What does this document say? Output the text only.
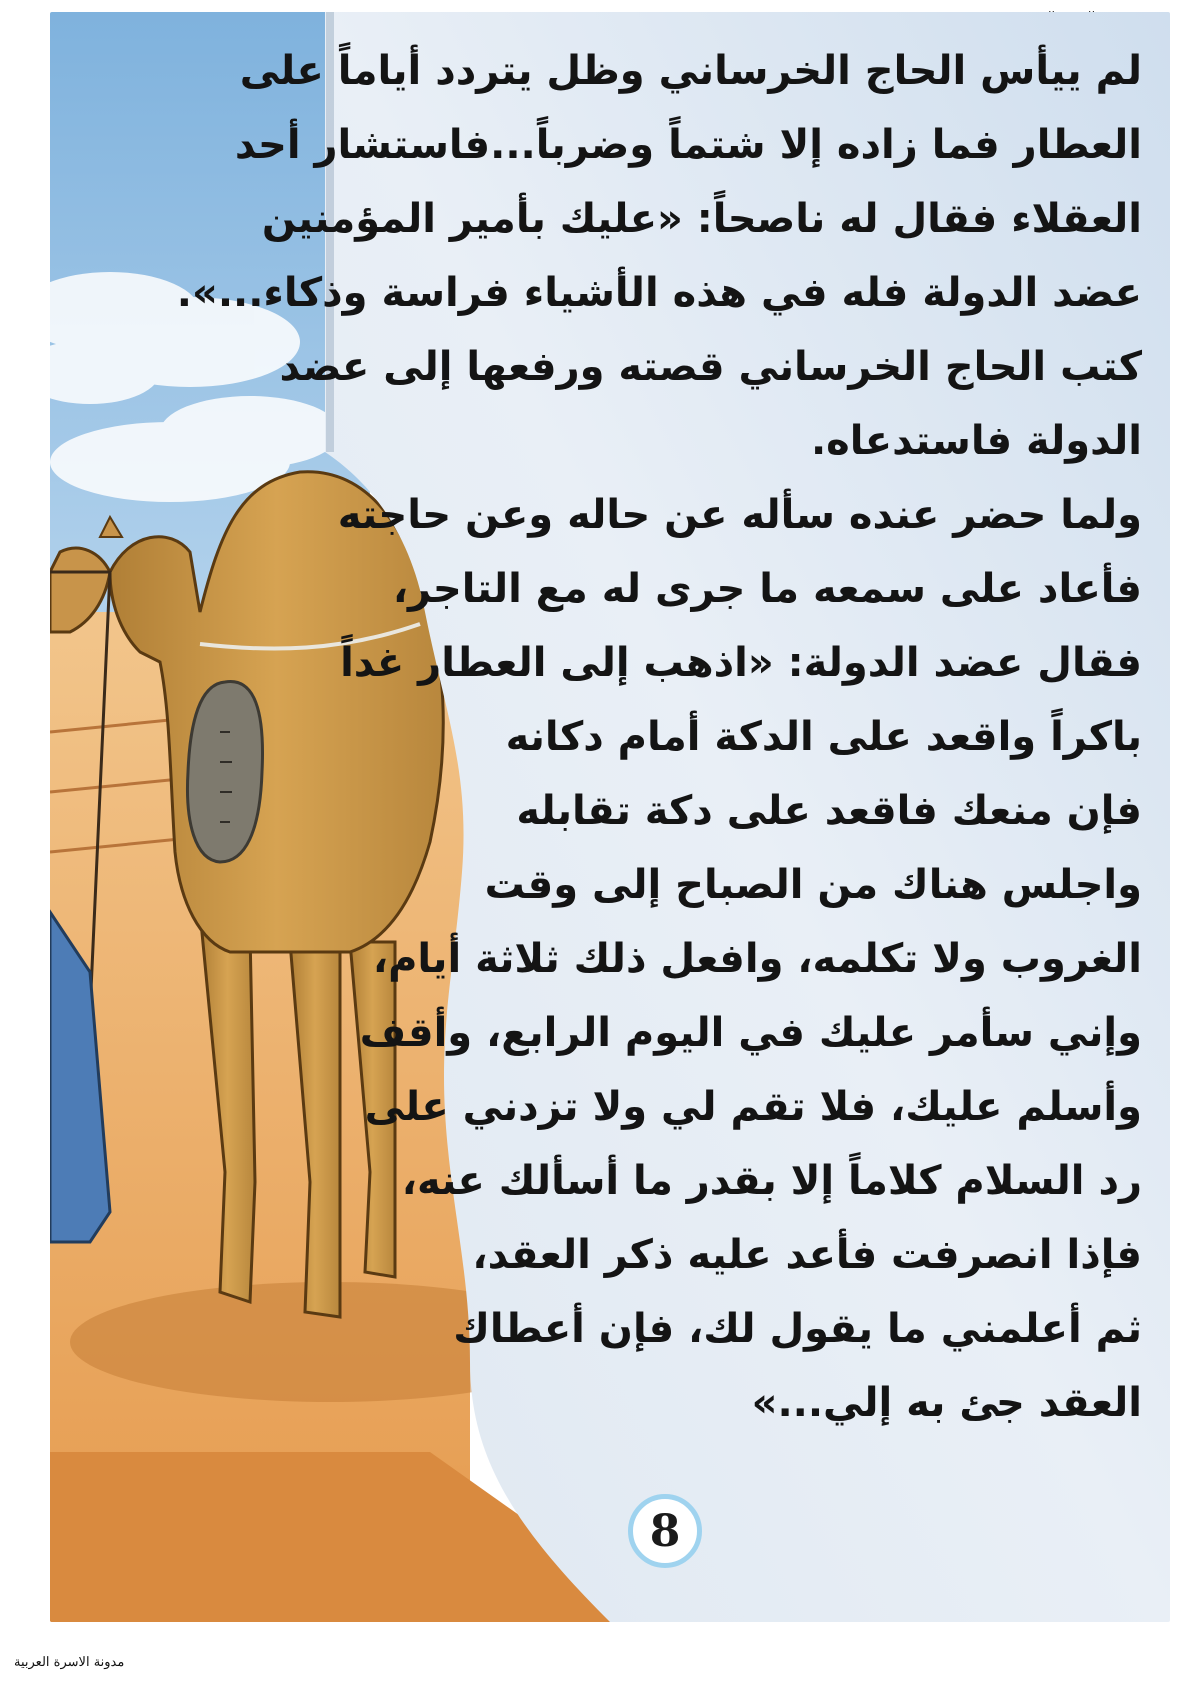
لم ييأس الحاج الخرساني وظل يتردد أياماً على
العطار فما زاده إلا شتماً وضرباً...فاستشار أحد
العقلاء فقال له ناصحاً: «عليك بأمير المؤمنين
عضد الدولة فله في هذه الأشياء فراسة وذكاء...».
كتب الحاج الخرساني قصته ورفعها إلى عضد
الدولة فاستدعاه.
ولما حضر عنده سأله عن حاله وعن حاجته
فأعاد على سمعه ما جرى له مع التاجر،
فقال عضد الدولة: «اذهب إلى العطار غداً
باكراً واقعد على الدكة أمام دكانه
فإن منعك فاقعد على دكة تقابله
واجلس هناك من الصباح إلى وقت
الغروب ولا تكلمه، وافعل ذلك ثلاثة أيام،
وإني سأمر عليك في اليوم الرابع، وأقف
وأسلم عليك، فلا تقم لي ولا تزدني على
رد السلام كلاماً إلا بقدر ما أسألك عنه،
فإذا انصرفت فأعد عليه ذكر العقد،
ثم أعلمني ما يقول لك، فإن أعطاك
العقد جئ به إلي...»
8
مدونة الاسرة العربية
